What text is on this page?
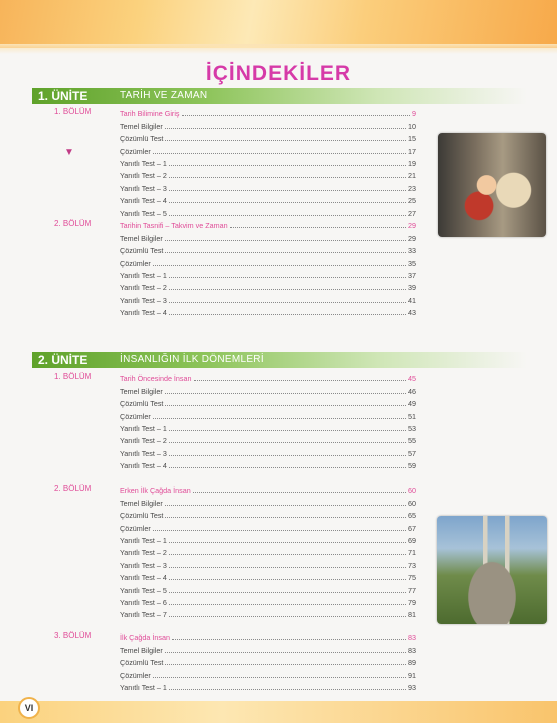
İÇİNDEKİLER
1. ÜNİTE	TARİH VE ZAMAN
1. BÖLÜM
▼
Tarih Bilimine Giriş	9
Temel Bilgiler	10
Çözümlü Test	15
Çözümler	17
Yanıtlı Test – 1	19
Yanıtlı Test – 2	21
Yanıtlı Test – 3	23
Yanıtlı Test – 4	25
Yanıtlı Test – 5	27
2. BÖLÜM	Tarihin Tasnifi – Takvim ve Zaman	29
Temel Bilgiler	29
Çözümlü Test	33
Çözümler	35
Yanıtlı Test – 1	37
Yanıtlı Test – 2	39
Yanıtlı Test – 3	41
Yanıtlı Test – 4	43
2. ÜNİTE	İNSANLIĞIN İLK DÖNEMLERİ
1. BÖLÜM	Tarih Öncesinde İnsan	45
Temel Bilgiler	46
Çözümlü Test	49
Çözümler	51
Yanıtlı Test – 1	53
Yanıtlı Test – 2	55
Yanıtlı Test – 3	57
Yanıtlı Test – 4	59
2. BÖLÜM	Erken İlk Çağda İnsan	60
Temel Bilgiler	60
Çözümlü Test	65
Çözümler	67
Yanıtlı Test – 1	69
Yanıtlı Test – 2	71
Yanıtlı Test – 3	73
Yanıtlı Test – 4	75
Yanıtlı Test – 5	77
Yanıtlı Test – 6	79
Yanıtlı Test – 7	81
3. BÖLÜM	İlk Çağda İnsan	83
Temel Bilgiler	83
Çözümlü Test	89
Çözümler	91
Yanıtlı Test – 1	93
VI
